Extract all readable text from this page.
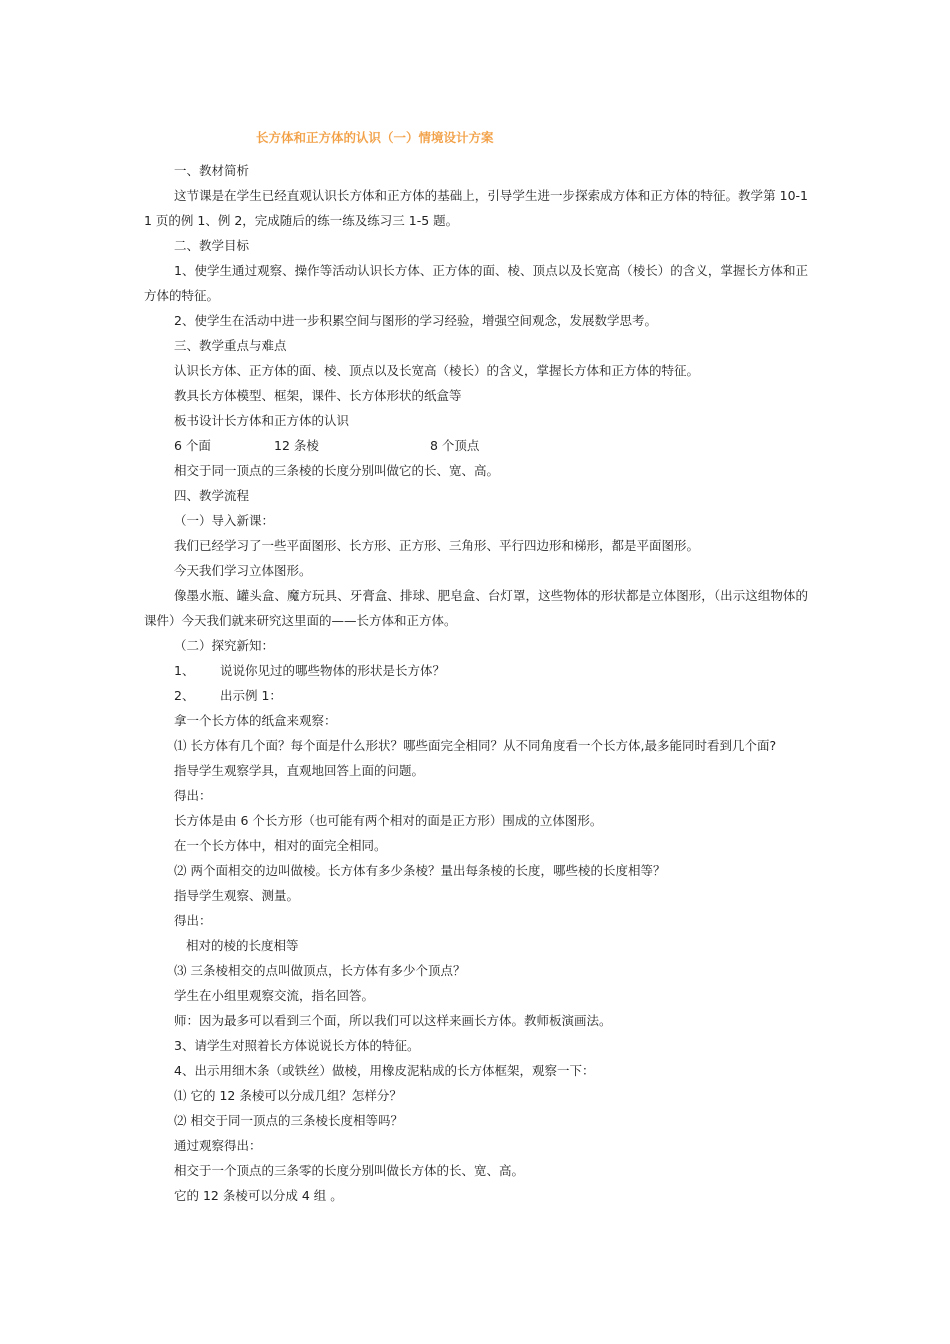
长方体和正方体的认识（一）情境设计方案

一、教材简析

这节课是在学生已经直观认识长方体和正方体的基础上，引导学生进一步探索成方体和正方体的特征。教学第 10-11 页的例 1、例 2，完成随后的练一练及练习三 1-5 题。

二、教学目标

1、使学生通过观察、操作等活动认识长方体、正方体的面、棱、顶点以及长宽高（棱长）的含义，掌握长方体和正方体的特征。

2、使学生在活动中进一步积累空间与图形的学习经验，增强空间观念，发展数学思考。

三、教学重点与难点

认识长方体、正方体的面、棱、顶点以及长宽高（棱长）的含义，掌握长方体和正方体的特征。

教具长方体模型、框架，课件、长方体形状的纸盒等

板书设计长方体和正方体的认识

6 个面	12 条棱	8 个顶点

相交于同一顶点的三条棱的长度分别叫做它的长、宽、高。

四、教学流程

（一）导入新课：

我们已经学习了一些平面图形、长方形、正方形、三角形、平行四边形和梯形，都是平面图形。

今天我们学习立体图形。

像墨水瓶、罐头盒、魔方玩具、牙膏盒、排球、肥皂盒、台灯罩，这些物体的形状都是立体图形，（出示这组物体的课件）今天我们就来研究这里面的——长方体和正方体。

（二）探究新知：

1、 说说你见过的哪些物体的形状是长方体？

2、 出示例 1：

拿一个长方体的纸盒来观察：

⑴ 长方体有几个面？每个面是什么形状？哪些面完全相同？从不同角度看一个长方体,最多能同时看到几个面?

指导学生观察学具，直观地回答上面的问题。

得出：

长方体是由 6 个长方形（也可能有两个相对的面是正方形）围成的立体图形。

在一个长方体中，相对的面完全相同。

⑵ 两个面相交的边叫做棱。长方体有多少条棱？量出每条棱的长度，哪些棱的长度相等？

指导学生观察、测量。

得出：

相对的棱的长度相等

⑶ 三条棱相交的点叫做顶点，长方体有多少个顶点？

学生在小组里观察交流，指名回答。

师：因为最多可以看到三个面，所以我们可以这样来画长方体。教师板演画法。

3、请学生对照着长方体说说长方体的特征。

4、出示用细木条（或铁丝）做棱，用橡皮泥粘成的长方体框架，观察一下：

⑴ 它的 12 条棱可以分成几组？怎样分？

⑵ 相交于同一顶点的三条棱长度相等吗？

通过观察得出：

相交于一个顶点的三条零的长度分别叫做长方体的长、宽、高。

它的 12 条棱可以分成 4 组 。
